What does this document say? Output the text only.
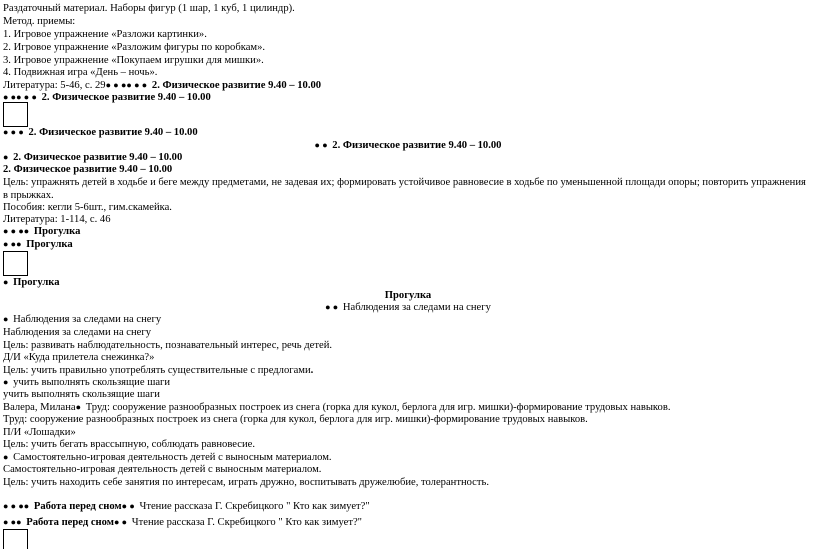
Раздаточный материал. Наборы фигур (1 шар, 1 куб, 1 цилиндр).
Метод. приемы:
1. Игровое упражнение «Разложи картинки».
2. Игровое упражнение «Разложим фигуры по коробкам».
3. Игровое упражнение «Покупаем игрушки для мишки».
4. Подвижная игра «День – ночь».
Литература: 5-46, с. 29● ● ●● ● ● 2. Физическое развитие 9.40 – 10.00
● ●● ● ● 2. Физическое развитие 9.40 – 10.00
● ● ● 2. Физическое развитие 9.40 – 10.00
● ● 2. Физическое развитие 9.40 – 10.00
● 2. Физическое развитие 9.40 – 10.00
2. Физическое развитие 9.40 – 10.00
Цель: упражнять детей в ходьбе и беге между предметами, не задевая их; формировать устойчивое равновесие в ходьбе по уменьшенной площади опоры; повторить упражнения в прыжках.
Пособия: кегли 5-6шт., гим.скамейка.
Литература: 1-114, с. 46
● ● ●● Прогулка
● ●● Прогулка
● Прогулка
Прогулка
● ● Наблюдения за следами на снегу
● Наблюдения за следами на снегу
Наблюдения за следами на снегу
Цель: развивать наблюдательность, познавательный интерес, речь детей.
Д/И «Куда прилетела снежинка?»
Цель: учить правильно употреблять существительные с предлогами.
● учить выполнять скользящие шаги
учить выполнять скользящие шаги
Валера, Милана● Труд: сооружение разнообразных построек из снега (горка для кукол, берлога для игр. мишки)-формирование трудовых навыков.
Труд: сооружение разнообразных построек из снега (горка для кукол, берлога для игр. мишки)-формирование трудовых навыков.
П/И «Лошадки»
Цель: учить бегать врассыпную, соблюдать равновесие.
● Самостоятельно-игровая деятельность детей с выносным материалом.
Самостоятельно-игровая деятельность детей с выносным материалом.
Цель: учить находить себе занятия по интересам, играть дружно, воспитывать дружелюбие, толерантность.
● ● ●● Работа перед сном● ● Чтение рассказа Г. Скребицкого " Кто как зимует?"
● ●● Работа перед сном● ● Чтение рассказа Г. Скребицкого " Кто как зимует?"
